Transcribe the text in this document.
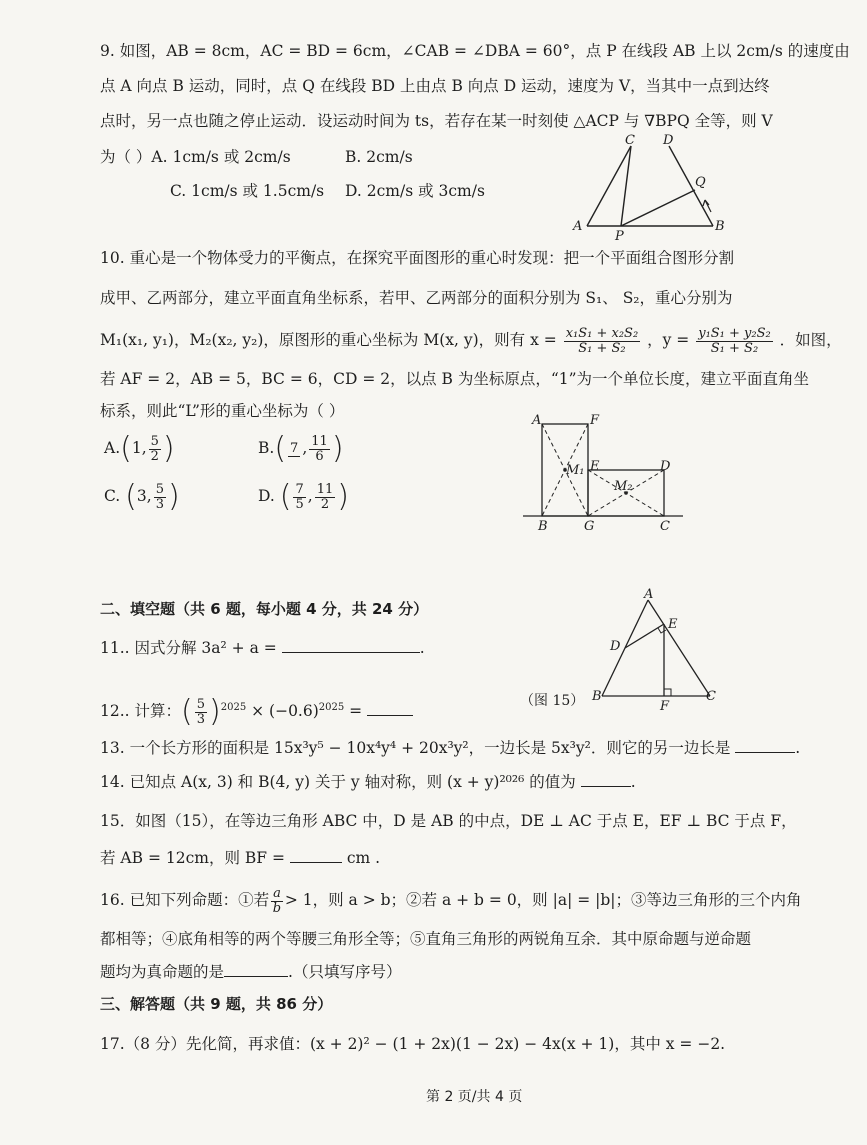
9. 如图，AB = 8cm，AC = BD = 6cm，∠CAB = ∠DBA = 60°，点 P 在线段 AB 上以 2cm/s 的速度由
点 A 向点 B 运动，同时，点 Q 在线段 BD 上由点 B 向点 D 运动，速度为 V，当其中一点到达终
点时，另一点也随之停止运动．设运动时间为 ts，若存在某一时刻使 △ACP 与 ∇BPQ 全等，则 V
为（ ）A. 1cm/s 或 2cm/s	B. 2cm/s
C. 1cm/s 或 1.5cm/s D. 2cm/s 或 3cm/s
C D
Q
A
P
B
10. 重心是一个物体受力的平衡点，在探究平面图形的重心时发现：把一个平面组合图形分割
成甲、乙两部分，建立平面直角坐标系，若甲、乙两部分的面积分别为 S₁、 S₂，重心分别为
M₁(x₁, y₁)，M₂(x₂, y₂)，原图形的重心坐标为 M(x, y)，则有 $x = \frac{\text{x₁S₁ + x₂S₂}}{\text{S₁ + S₂}}$ ，$y = \frac{\text{y₁S₁ + y₂S₂}}{\text{S₁ + S₂}}$ ．如图，
若 AF = 2，AB = 5，BC = 6，CD = 2，以点 B 为坐标原点，“1”为一个单位长度，建立平面直角坐
标系，则此“L”形的重心坐标为（ ）
A.(1, $\frac{5}{2}$ )	B.( 7 , $\frac{11}{6}$ )
C. (3, $\frac{5}{3}$ )	D. ( $\frac{7}{5}$ , $\frac{11}{2}$ )
A	F
M₁ E	D
M₂
B	G	C
二、填空题（共 6 题，每小题 4 分，共 24 分）
11.. 因式分解 3a² + a =	.
12.. 计算：( $\frac{5}{3} )^{2025} \times (-0.6)^{2025}$ =
A
D
E
B
F
C
（图 15）
13. 一个长方形的面积是 15x³y⁵ − 10x⁴y⁴ + 20x³y²，一边长是 5x³y²．则它的另一边长是	.
14. 已知点 A(x, 3) 和 B(4, y) 关于 y 轴对称，则 (x + y)²⁰²⁶ 的值为	.
15．如图（15），在等边三角形 ABC 中，D 是 AB 的中点，DE ⊥ AC 于点 E，EF ⊥ BC 于点 F，
若 AB = 12cm，则 BF =	cm .
16. 已知下列命题：①若 $\frac{a}{b} > 1$，则 a > b；②若 a + b = 0，则 |a| = |b|；③等边三角形的三个内角
都相等；④底角相等的两个等腰三角形全等；⑤直角三角形的两锐角互余．其中原命题与逆命题
题均为真命题的是	.（只填写序号）
三、解答题（共 9 题，共 86 分）
17.（8 分）先化简，再求值：(x + 2)² − (1 + 2x)(1 − 2x) − 4x(x + 1)，其中 x = −2.
第 2 页/共 4 页
